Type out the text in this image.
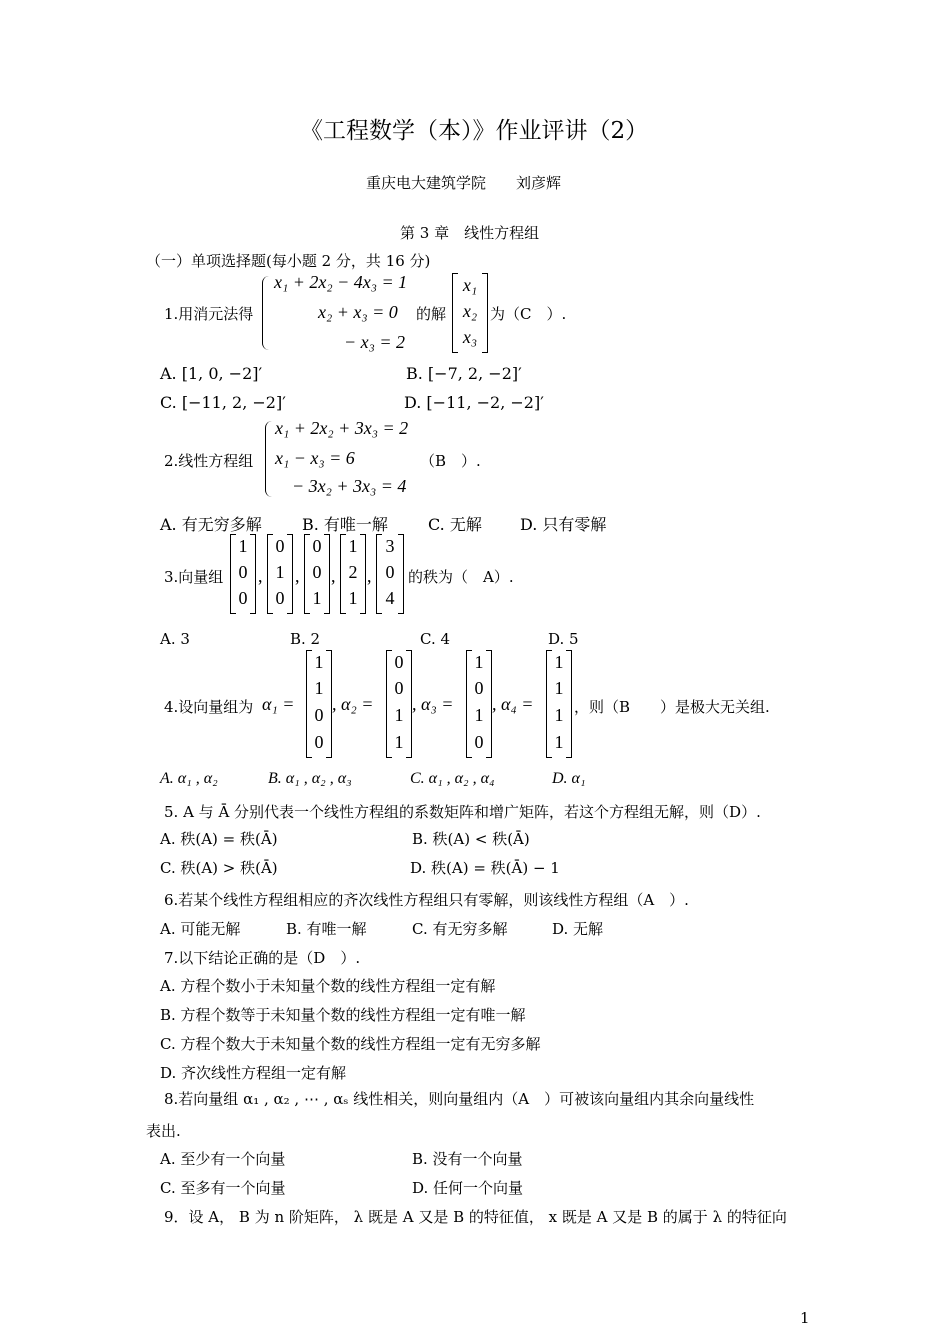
《工程数学（本）》作业评讲（2）
重庆电大建筑学院　　刘彦辉
第 3 章　线性方程组
（一）单项选择题(每小题 2 分，共 16 分)
1.用消元法得
x₁ + 2x₂ − 4x₃ = 1
x₂ + x₃ = 0
− x₃ = 2
的解
x₁
x₂
x₃
为（C　）.
A. [1, 0, −2]′	B. [−7, 2, −2]′
C. [−11, 2, −2]′	D. [−11, −2, −2]′
2.线性方程组
x₁ + 2x₂ + 3x₃ = 2
x₁ − x₃ = 6
− 3x₂ + 3x₃ = 4
（B　）.
A. 有无穷多解	B. 有唯一解	C. 无解 D. 只有零解
3.向量组
1
0
0
,
0
1
0
,
0
0
1
,
1
2
1
,
3
0
4
的秩为（　A）.
A. 3	B. 2	C. 4	D. 5
4.设向量组为 α₁ =
1
1
0
0
, α₂ =
0
0
1
1
, α₃ =
1
0
1
0
, α₄ =
1
1
1
1
，则（B　　）是极大无关组.
A. α₁ , α₂	B. α₁ , α₂ , α₃	C. α₁ , α₂ , α₄	D. α₁
5. A 与 Ā 分别代表一个线性方程组的系数矩阵和增广矩阵，若这个方程组无解，则（D）.
A. 秩(A) = 秩(Ā)	B. 秩(A) < 秩(Ā)
C. 秩(A) > 秩(Ā)	D. 秩(A) = 秩(Ā) − 1
6.若某个线性方程组相应的齐次线性方程组只有零解，则该线性方程组（A　）.
A. 可能无解	B. 有唯一解	C. 有无穷多解	D. 无解
7.以下结论正确的是（D　）.
A. 方程个数小于未知量个数的线性方程组一定有解
B. 方程个数等于未知量个数的线性方程组一定有唯一解
C. 方程个数大于未知量个数的线性方程组一定有无穷多解
D. 齐次线性方程组一定有解
8.若向量组 α₁ , α₂ , ⋯ , αₛ 线性相关，则向量组内（A　）可被该向量组内其余向量线性
表出.
A. 至少有一个向量	B. 没有一个向量
C. 至多有一个向量	D. 任何一个向量
9．设 A， B 为 n 阶矩阵， λ 既是 A 又是 B 的特征值， x 既是 A 又是 B 的属于 λ 的特征向
1
